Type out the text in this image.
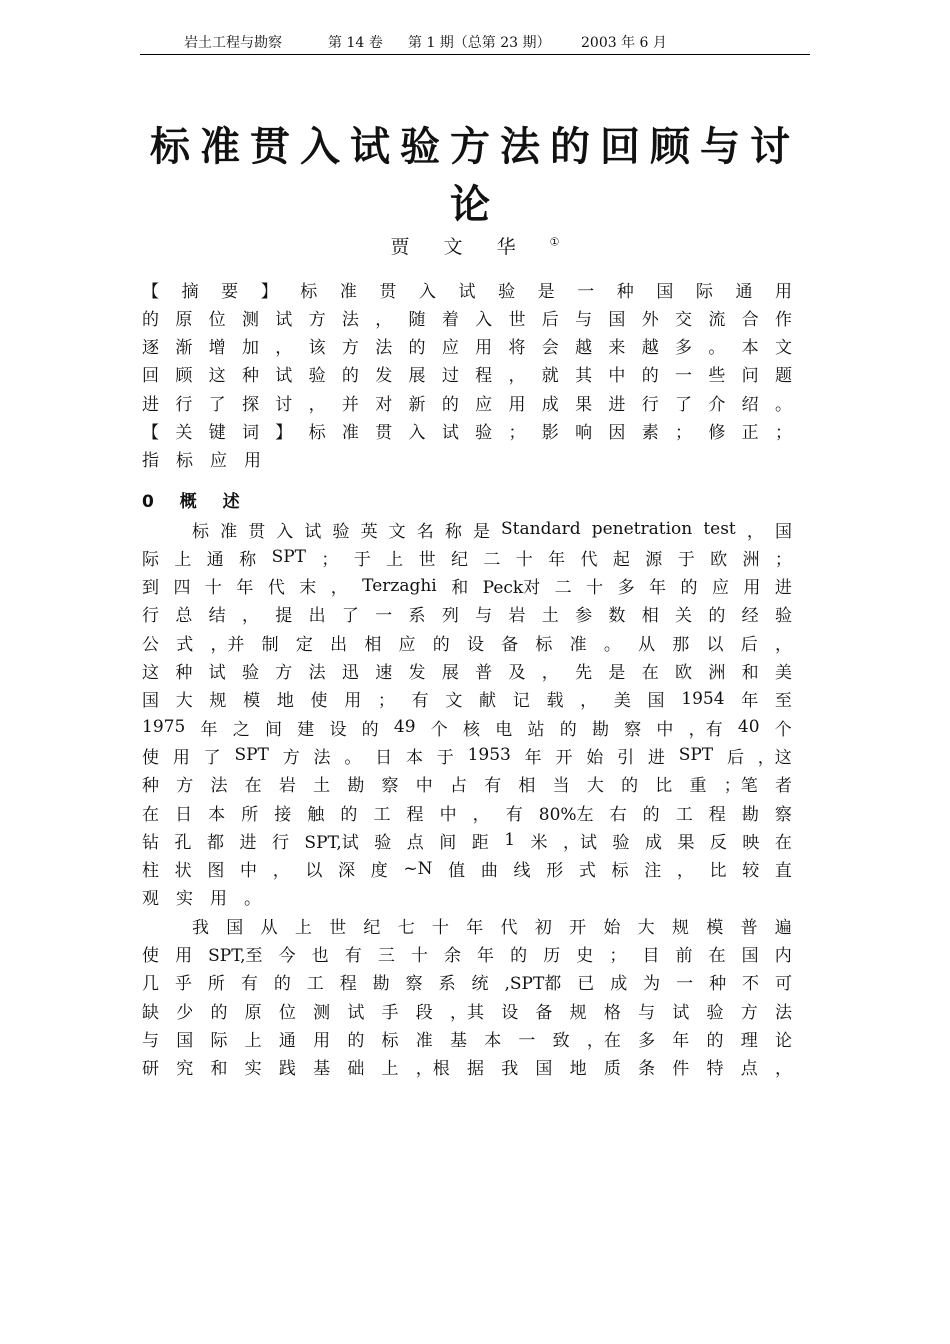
岩土工程与勘察	第 14 卷 第 1 期（总第 23 期） 2003 年 6 月
标准贯入试验方法的回顾与讨论
贾 文 华 ①
【 摘 要 】 标 准 贯 入 试 验 是 一 种 国 际 通 用
的 原 位 测 试 方 法 ， 随 着 入 世 后 与 国 外 交 流 合 作
逐 渐 增 加 ， 该 方 法 的 应 用 将 会 越 来 越 多 。 本 文
回 顾 这 种 试 验 的 发 展 过 程 ， 就 其 中 的 一 些 问 题
进 行 了 探 讨 ， 并 对 新 的 应 用 成 果 进 行 了 介 绍 。
【 关 键 词 】 标 准 贯 入 试 验 ； 影 响 因 素 ； 修 正 ；
指 标 应 用
0 概 述
标 准 贯 入 试 验 英 文 名 称 是 Standard penetration test ， 国
际 上 通 称 SPT ； 于 上 世 纪 二 十 年 代 起 源 于 欧 洲 ；
到 四 十 年 代 末 ， Terzaghi 和 Peck对 二 十 多 年 的 应 用 进
行 总 结 ， 提 出 了 一 系 列 与 岩 土 参 数 相 关 的 经 验
公 式 ，并 制 定 出 相 应 的 设 备 标 准 。 从 那 以 后 ，
这 种 试 验 方 法 迅 速 发 展 普 及 ， 先 是 在 欧 洲 和 美
国 大 规 模 地 使 用 ； 有 文 献 记 载 ， 美 国 1954 年 至
1975 年 之 间 建 设 的 49 个 核 电 站 的 勘 察 中 ，有 40 个
使 用 了 SPT 方 法 。 日 本 于 1953 年 开 始 引 进 SPT 后 ，这
种 方 法 在 岩 土 勘 察 中 占 有 相 当 大 的 比 重 ；笔 者
在 日 本 所 接 触 的 工 程 中 ， 有 80%左 右 的 工 程 勘 察
钻 孔 都 进 行 SPT,试 验 点 间 距 1 米 ，试 验 成 果 反 映 在
柱 状 图 中 ， 以 深 度 ~N 值 曲 线 形 式 标 注 ， 比 较 直
观 实 用 。
我 国 从 上 世 纪 七 十 年 代 初 开 始 大 规 模 普 遍
使 用 SPT,至 今 也 有 三 十 余 年 的 历 史 ； 目 前 在 国 内
几 乎 所 有 的 工 程 勘 察 系 统 ,SPT都 已 成 为 一 种 不 可
缺 少 的 原 位 测 试 手 段 ，其 设 备 规 格 与 试 验 方 法
与 国 际 上 通 用 的 标 准 基 本 一 致 ，在 多 年 的 理 论
研 究 和 实 践 基 础 上 ，根 据 我 国 地 质 条 件 特 点 ，
